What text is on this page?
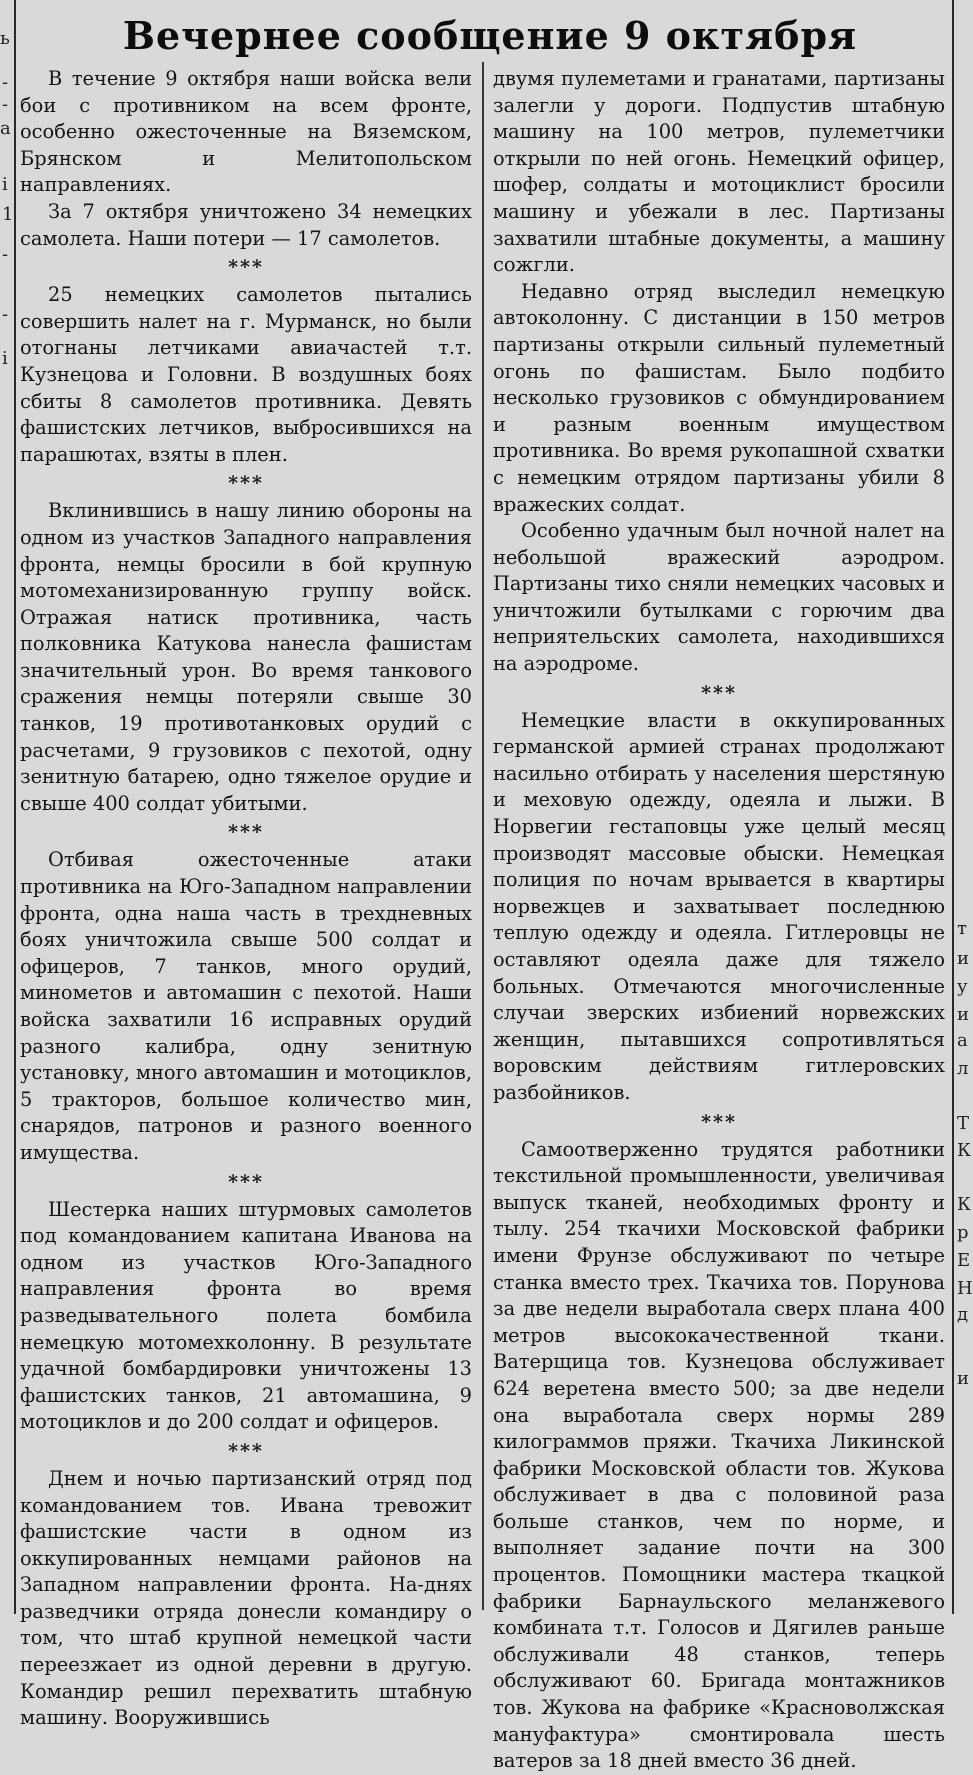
ь
-
-
а
і
1
-
-
і
т
и
у
и
а
л
Т
К
К
р
Е
Н
д
и
Вечернее сообщение 9 октября

В течение 9 октября наши войска вели бои с противником на всем фронте, особенно ожесточенные на Вяземском, Брянском и Мелитопольском направлениях.

За 7 октября уничтожено 34 немецких самолета. Наши потери — 17 самолетов.

***

25 немецких самолетов пытались совершить налет на г. Мурманск, но были отогнаны летчиками авиачастей т.т. Кузнецова и Головни. В воздушных боях сбиты 8 самолетов противника. Девять фашистских летчиков, выбросившихся на парашютах, взяты в плен.

***

Вклинившись в нашу линию обороны на одном из участков Западного направления фронта, немцы бросили в бой крупную мотомеханизированную группу войск. Отражая натиск противника, часть полковника Катукова нанесла фашистам значительный урон. Во время танкового сражения немцы потеряли свыше 30 танков, 19 противотанковых орудий с расчетами, 9 грузовиков с пехотой, одну зенитную батарею, одно тяжелое орудие и свыше 400 солдат убитыми.

***

Отбивая ожесточенные атаки противника на Юго-Западном направлении фронта, одна наша часть в трехдневных боях уничтожила свыше 500 солдат и офицеров, 7 танков, много орудий, минометов и автомашин с пехотой. Наши войска захватили 16 исправных орудий разного калибра, одну зенитную установку, много автомашин и мотоциклов, 5 тракторов, большое количество мин, снарядов, патронов и разного военного имущества.

***

Шестерка наших штурмовых самолетов под командованием капитана Иванова на одном из участков Юго-Западного направления фронта во время разведывательного полета бомбила немецкую мотомехколонну. В результате удачной бомбардировки уничтожены 13 фашистских танков, 21 автомашина, 9 мотоциклов и до 200 солдат и офицеров.

***

Днем и ночью партизанский отряд под командованием тов. Ивана тревожит фашистские части в одном из оккупированных немцами районов на Западном направлении фронта. На-днях разведчики отряда донесли командиру о том, что штаб крупной немецкой части переезжает из одной деревни в другую. Командир решил перехватить штабную машину. Вооружившись

двумя пулеметами и гранатами, партизаны залегли у дороги. Подпустив штабную машину на 100 метров, пулеметчики открыли по ней огонь. Немецкий офицер, шофер, солдаты и мотоциклист бросили машину и убежали в лес. Партизаны захватили штабные документы, а машину сожгли.

Недавно отряд выследил немецкую автоколонну. С дистанции в 150 метров партизаны открыли сильный пулеметный огонь по фашистам. Было подбито несколько грузовиков с обмундированием и разным военным имуществом противника. Во время рукопашной схватки с немецким отрядом партизаны убили 8 вражеских солдат.

Особенно удачным был ночной налет на небольшой вражеский аэродром. Партизаны тихо сняли немецких часовых и уничтожили бутылками с горючим два неприятельских самолета, находившихся на аэродроме.

***

Немецкие власти в оккупированных германской армией странах продолжают насильно отбирать у населения шерстяную и меховую одежду, одеяла и лыжи. В Норвегии гестаповцы уже целый месяц производят массовые обыски. Немецкая полиция по ночам врывается в квартиры норвежцев и захватывает последнюю теплую одежду и одеяла. Гитлеровцы не оставляют одеяла даже для тяжело больных. Отмечаются многочисленные случаи зверских избиений норвежских женщин, пытавшихся сопротивляться воровским действиям гитлеровских разбойников.

***

Самоотверженно трудятся работники текстильной промышленности, увеличивая выпуск тканей, необходимых фронту и тылу. 254 ткачихи Московской фабрики имени Фрунзе обслуживают по четыре станка вместо трех. Ткачиха тов. Порунова за две недели выработала сверх плана 400 метров высококачественной ткани. Ватерщица тов. Кузнецова обслуживает 624 веретена вместо 500; за две недели она выработала сверх нормы 289 килограммов пряжи. Ткачиха Ликинской фабрики Московской области тов. Жукова обслуживает в два с половиной раза больше станков, чем по норме, и выполняет задание почти на 300 процентов. Помощники мастера ткацкой фабрики Барнаульского меланжевого комбината т.т. Голосов и Дягилев раньше обслуживали 48 станков, теперь обслуживают 60. Бригада монтажников тов. Жукова на фабрике «Красноволжская мануфактура» смонтировала шесть ватеров за 18 дней вместо 36 дней.
